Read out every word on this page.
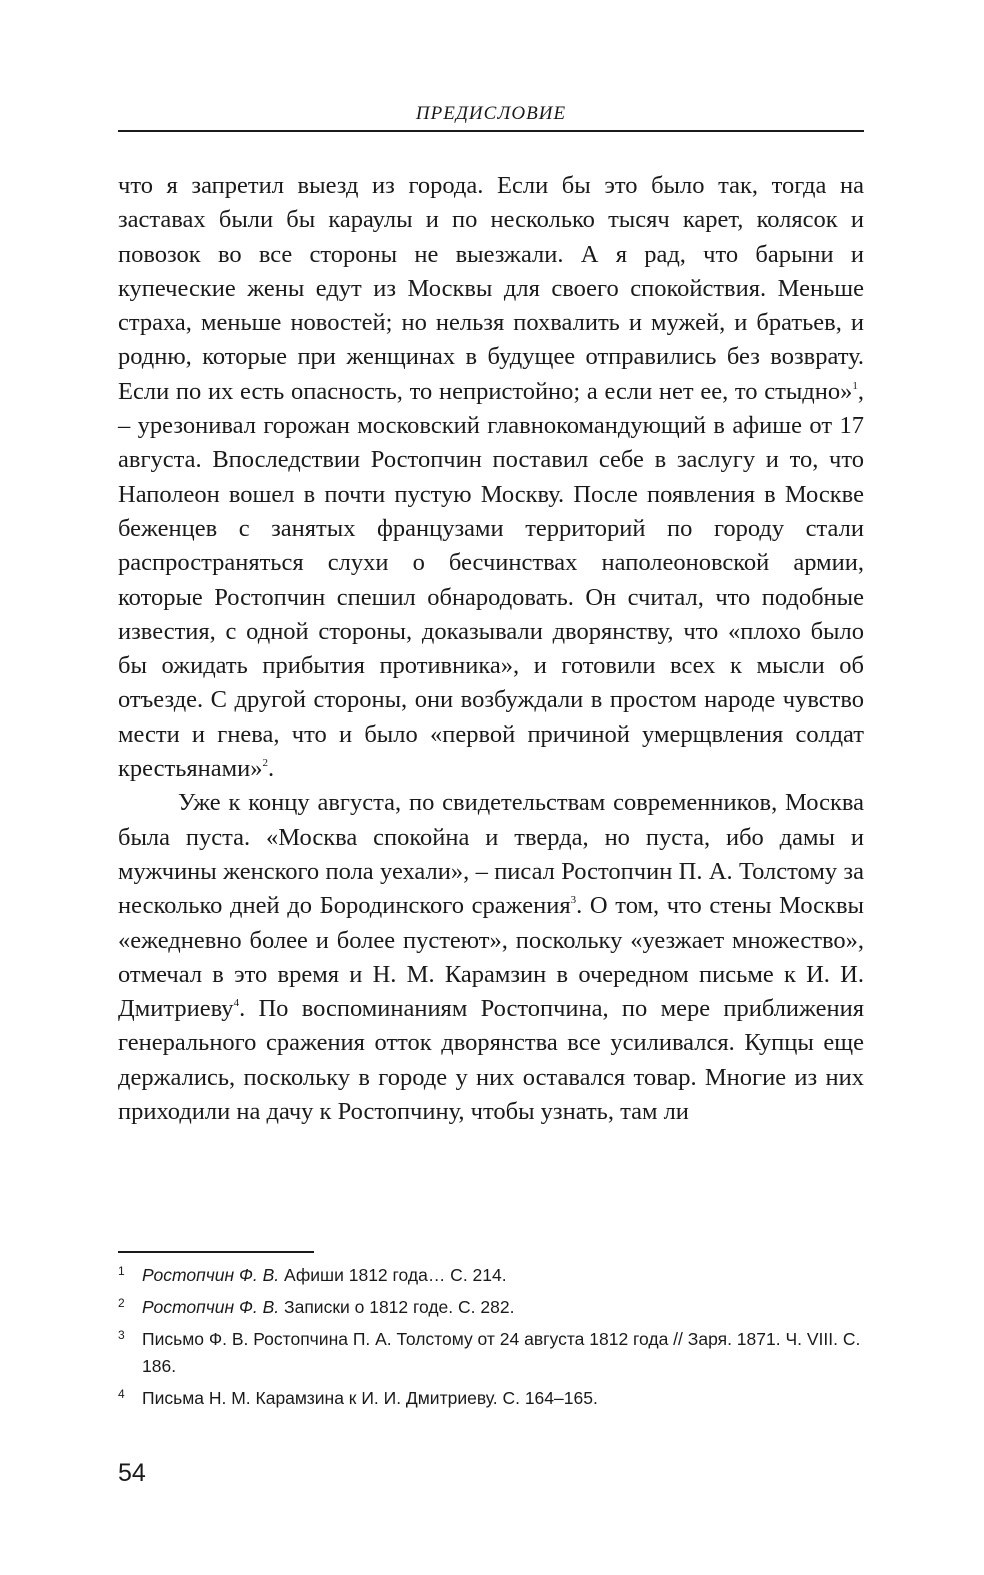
ПРЕДИСЛОВИЕ

что я запретил выезд из города. Если бы это было так, тогда на заставах были бы караулы и по несколько тысяч карет, колясок и повозок во все стороны не выезжали. А я рад, что барыни и купеческие жены едут из Москвы для своего спокойствия. Меньше страха, меньше новостей; но нельзя похвалить и мужей, и братьев, и родню, которые при женщинах в будущее отправились без возврату. Если по их есть опасность, то непристойно; а если нет ее, то стыдно»$^1$, – урезонивал горожан московский главнокомандующий в афише от 17 августа. Впоследствии Ростопчин поставил себе в заслугу и то, что Наполеон вошел в почти пустую Москву. После появления в Москве беженцев с занятых французами территорий по городу стали распространяться слухи о бесчинствах наполеоновской армии, которые Ростопчин спешил обнародовать. Он считал, что подобные известия, с одной стороны, доказывали дворянству, что «плохо было бы ожидать прибытия противника», и готовили всех к мысли об отъезде. С другой стороны, они возбуждали в простом народе чувство мести и гнева, что и было «первой причиной умерщвления солдат крестьянами»$^2$.

Уже к концу августа, по свидетельствам современников, Москва была пуста. «Москва спокойна и тверда, но пуста, ибо дамы и мужчины женского пола уехали», – писал Ростопчин П. А. Толстому за несколько дней до Бородинского сражения$^3$. О том, что стены Москвы «ежедневно более и более пустеют», поскольку «уезжает множество», отмечал в это время и Н. М. Карамзин в очередном письме к И. И. Дмитриеву$^4$. По воспоминаниям Ростопчина, по мере приближения генерального сражения отток дворянства все усиливался. Купцы еще держались, поскольку в городе у них оставался товар. Многие из них приходили на дачу к Ростопчину, чтобы узнать, там ли

1 Ростопчин Ф. В. Афиши 1812 года… С. 214.
2 Ростопчин Ф. В. Записки о 1812 годе. С. 282.
3 Письмо Ф. В. Ростопчина П. А. Толстому от 24 августа 1812 года // Заря. 1871. Ч. VIII. С. 186.
4 Письма Н. М. Карамзина к И. И. Дмитриеву. С. 164–165.
54
